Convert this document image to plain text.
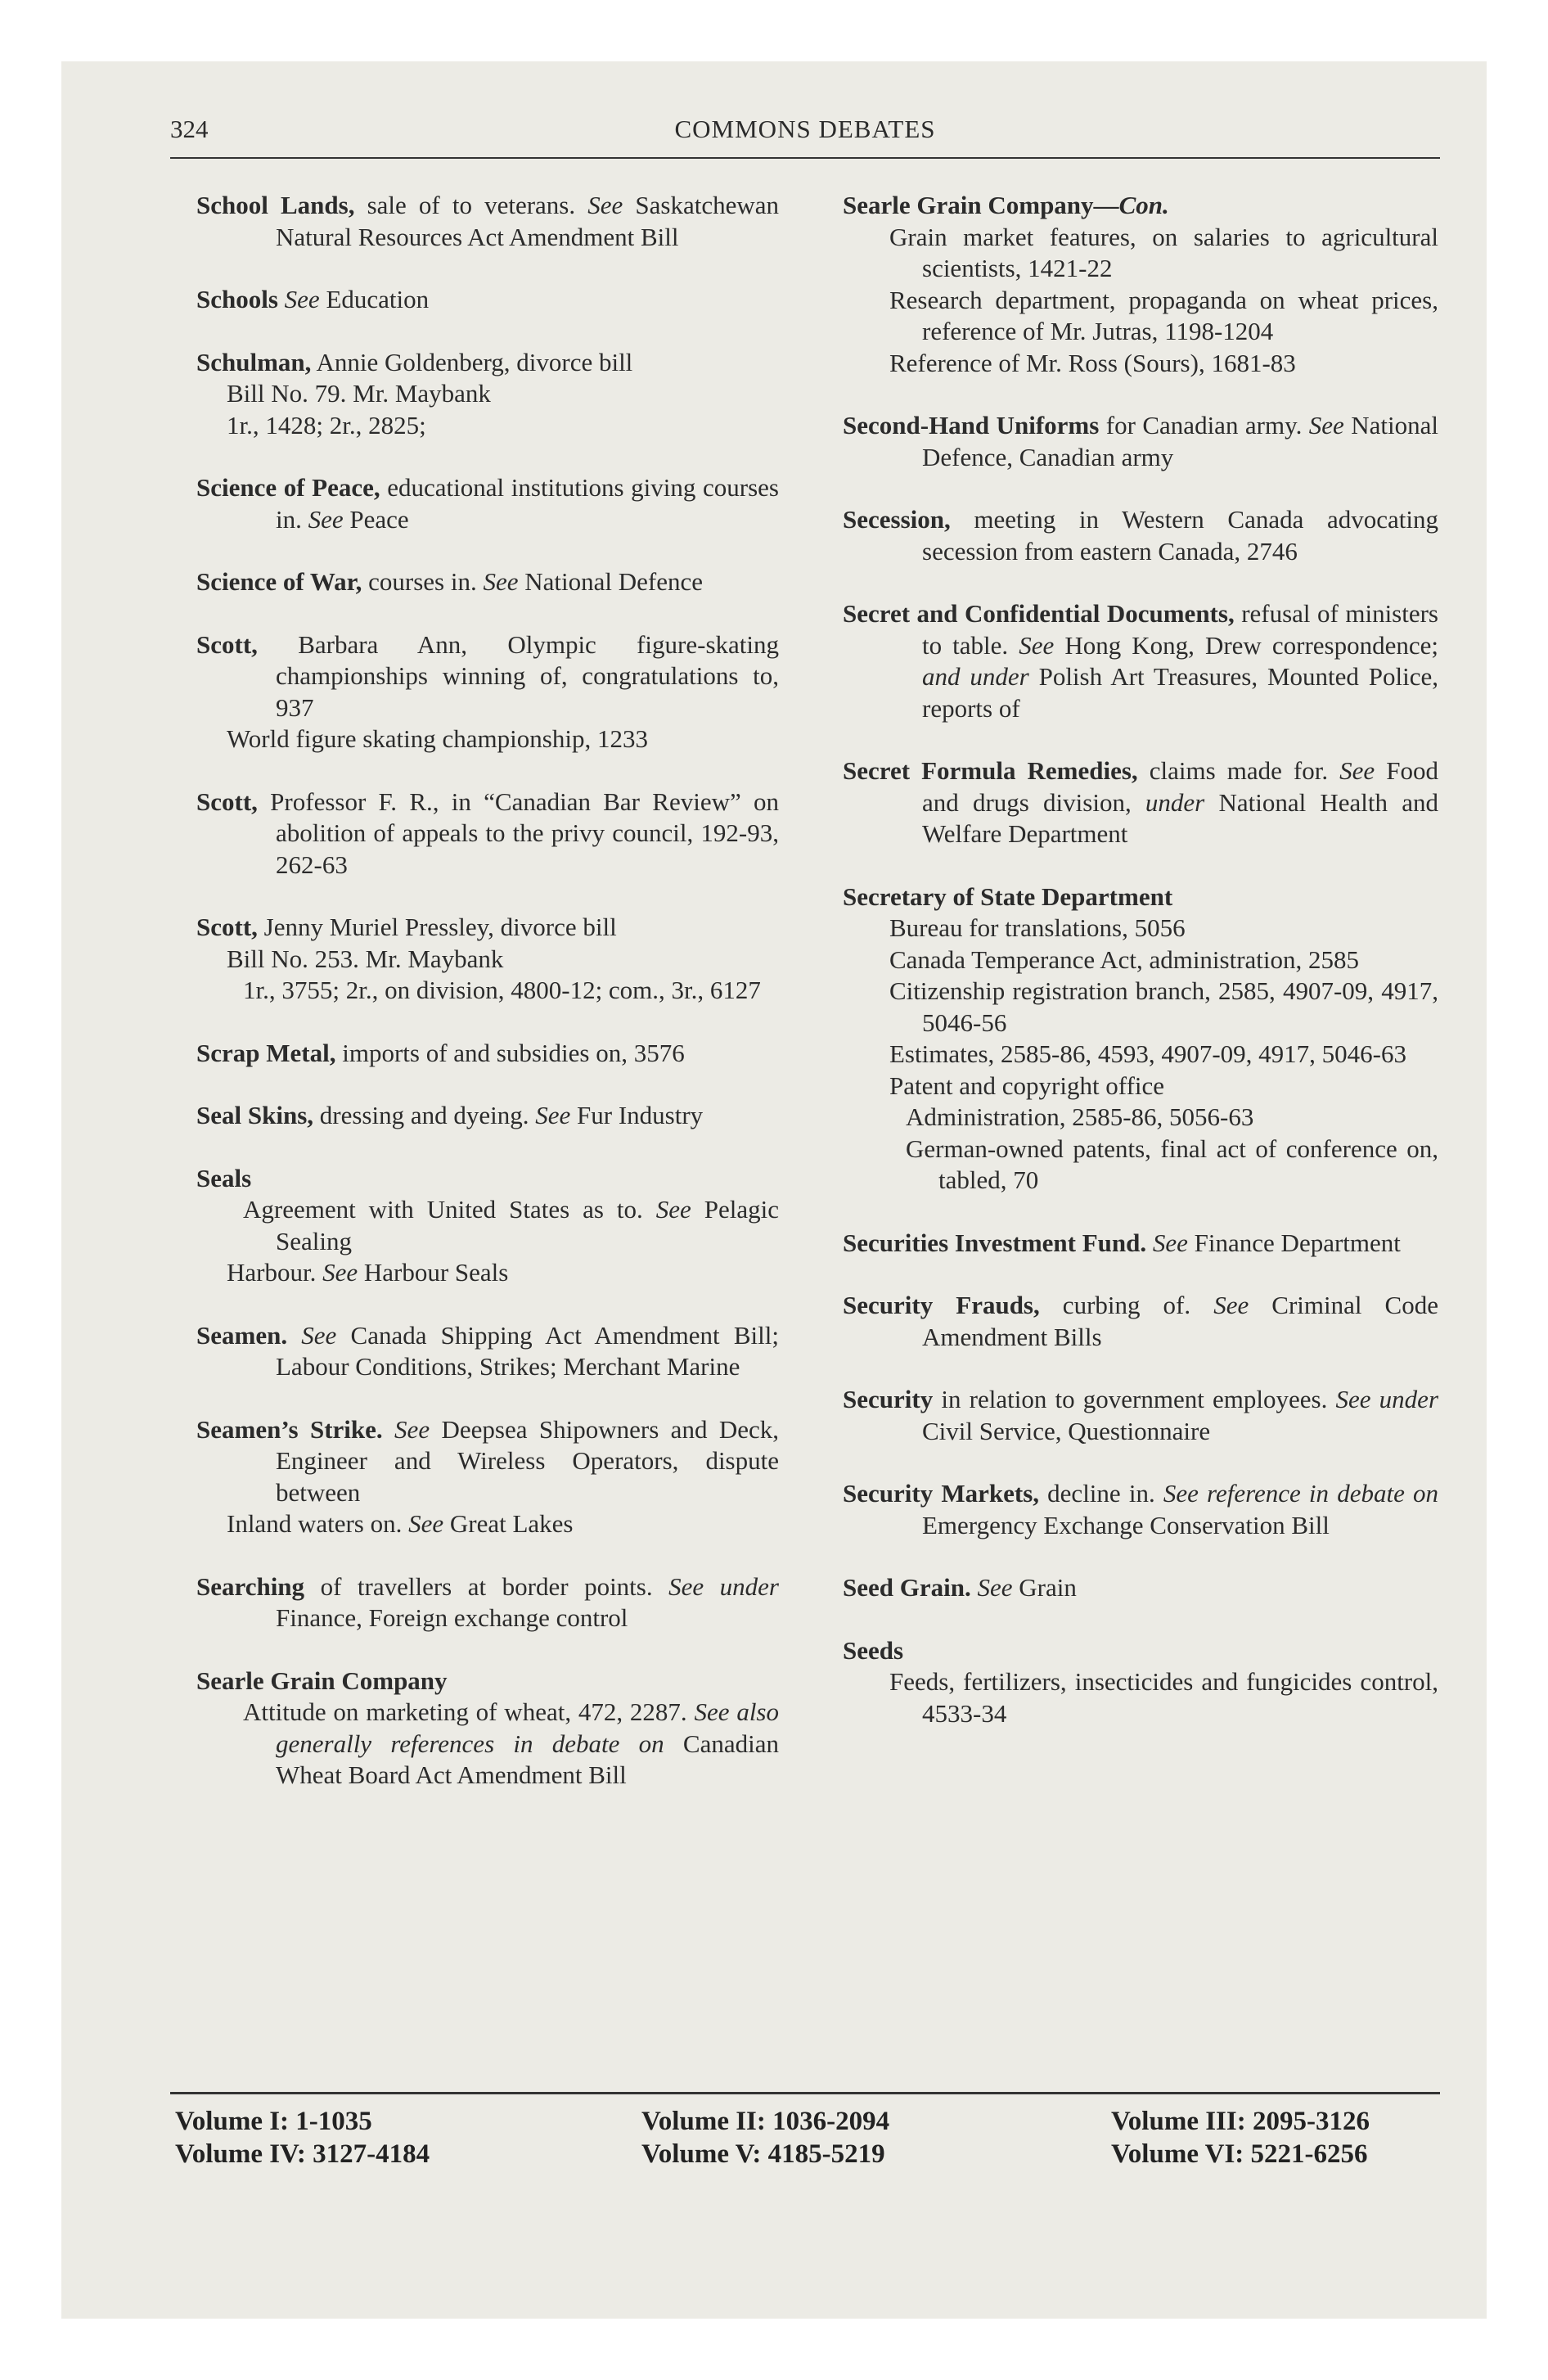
324	COMMONS DEBATES
School Lands, sale of to veterans. See Saskatchewan Natural Resources Act Amendment Bill
Schools See Education
Schulman, Annie Goldenberg, divorce bill
Bill No. 79. Mr. Maybank
1r., 1428; 2r., 2825;
Science of Peace, educational institutions giving courses in. See Peace
Science of War, courses in. See National Defence
Scott, Barbara Ann, Olympic figure-skating championships winning of, congratulations to, 937
World figure skating championship, 1233
Scott, Professor F. R., in “Canadian Bar Review” on abolition of appeals to the privy council, 192-93, 262-63
Scott, Jenny Muriel Pressley, divorce bill
Bill No. 253. Mr. Maybank
1r., 3755; 2r., on division, 4800-12; com., 3r., 6127
Scrap Metal, imports of and subsidies on, 3576
Seal Skins, dressing and dyeing. See Fur Industry
Seals
Agreement with United States as to. See Pelagic Sealing
Harbour. See Harbour Seals
Seamen. See Canada Shipping Act Amendment Bill; Labour Conditions, Strikes; Merchant Marine
Seamen’s Strike. See Deepsea Shipowners and Deck, Engineer and Wireless Operators, dispute between
Inland waters on. See Great Lakes
Searching of travellers at border points. See under Finance, Foreign exchange control
Searle Grain Company
Attitude on marketing of wheat, 472, 2287. See also generally references in debate on Canadian Wheat Board Act Amendment Bill
Searle Grain Company—Con.
Grain market features, on salaries to agricultural scientists, 1421-22
Research department, propaganda on wheat prices, reference of Mr. Jutras, 1198-1204
Reference of Mr. Ross (Sours), 1681-83
Second-Hand Uniforms for Canadian army. See National Defence, Canadian army
Secession, meeting in Western Canada advocating secession from eastern Canada, 2746
Secret and Confidential Documents, refusal of ministers to table. See Hong Kong, Drew correspondence; and under Polish Art Treasures, Mounted Police, reports of
Secret Formula Remedies, claims made for. See Food and drugs division, under National Health and Welfare Department
Secretary of State Department
Bureau for translations, 5056
Canada Temperance Act, administration, 2585
Citizenship registration branch, 2585, 4907-09, 4917, 5046-56
Estimates, 2585-86, 4593, 4907-09, 4917, 5046-63
Patent and copyright office
Administration, 2585-86, 5056-63
German-owned patents, final act of conference on, tabled, 70
Securities Investment Fund. See Finance Department
Security Frauds, curbing of. See Criminal Code Amendment Bills
Security in relation to government employees. See under Civil Service, Questionnaire
Security Markets, decline in. See reference in debate on Emergency Exchange Conservation Bill
Seed Grain. See Grain
Seeds
Feeds, fertilizers, insecticides and fungicides control, 4533-34
Volume I: 1-1035
Volume IV: 3127-4184
Volume II: 1036-2094
Volume V: 4185-5219
Volume III: 2095-3126
Volume VI: 5221-6256
